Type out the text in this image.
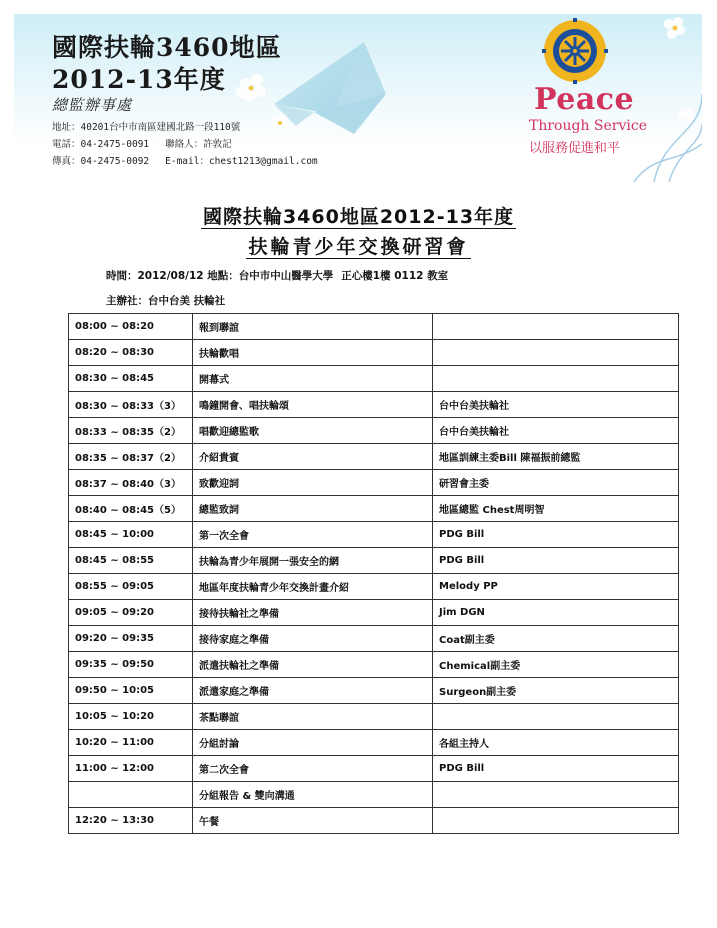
國際扶輪3460地區
2012-13年度
總監辦事處
地址：40201台中市南區建國北路一段110號
電話：04-2475-0091 聯絡人：許敦記
傳真：04-2475-0092 E-mail：chest1213@gmail.com
Peace
Through Service
以服務促進和平
國際扶輪3460地區2012-13年度
扶輪青少年交換研習會
時間：2012/08/12 地點：台中市中山醫學大學 正心樓1樓 0112 教室
主辦社：台中台美 扶輪社
08:00 ~ 08:20	報到聯誼	
08:20 ~ 08:30	扶輪歡唱	
08:30 ~ 08:45	開幕式	
08:30 ~ 08:33（3）	鳴鐘開會、唱扶輪頌	台中台美扶輪社
08:33 ~ 08:35（2）	唱歡迎總監歌	台中台美扶輪社
08:35 ~ 08:37（2）	介紹貴賓	地區訓練主委Bill 陳福振前總監
08:37 ~ 08:40（3）	致歡迎詞	研習會主委
08:40 ~ 08:45（5）	總監致詞	地區總監 Chest周明智
08:45 ~ 10:00	第一次全會	PDG Bill
08:45 ~ 08:55	扶輪為青少年展開一張安全的網	PDG Bill
08:55 ~ 09:05	地區年度扶輪青少年交換計畫介紹	Melody PP
09:05 ~ 09:20	接待扶輪社之準備	Jim DGN
09:20 ~ 09:35	接待家庭之準備	Coat副主委
09:35 ~ 09:50	派遣扶輪社之準備	Chemical副主委
09:50 ~ 10:05	派遣家庭之準備	Surgeon副主委
10:05 ~ 10:20	茶點聯誼	
10:20 ~ 11:00	分組討論	各組主持人
11:00 ~ 12:00	第二次全會	PDG Bill
	分組報告 & 雙向溝通	
12:20 ~ 13:30	午餐	
